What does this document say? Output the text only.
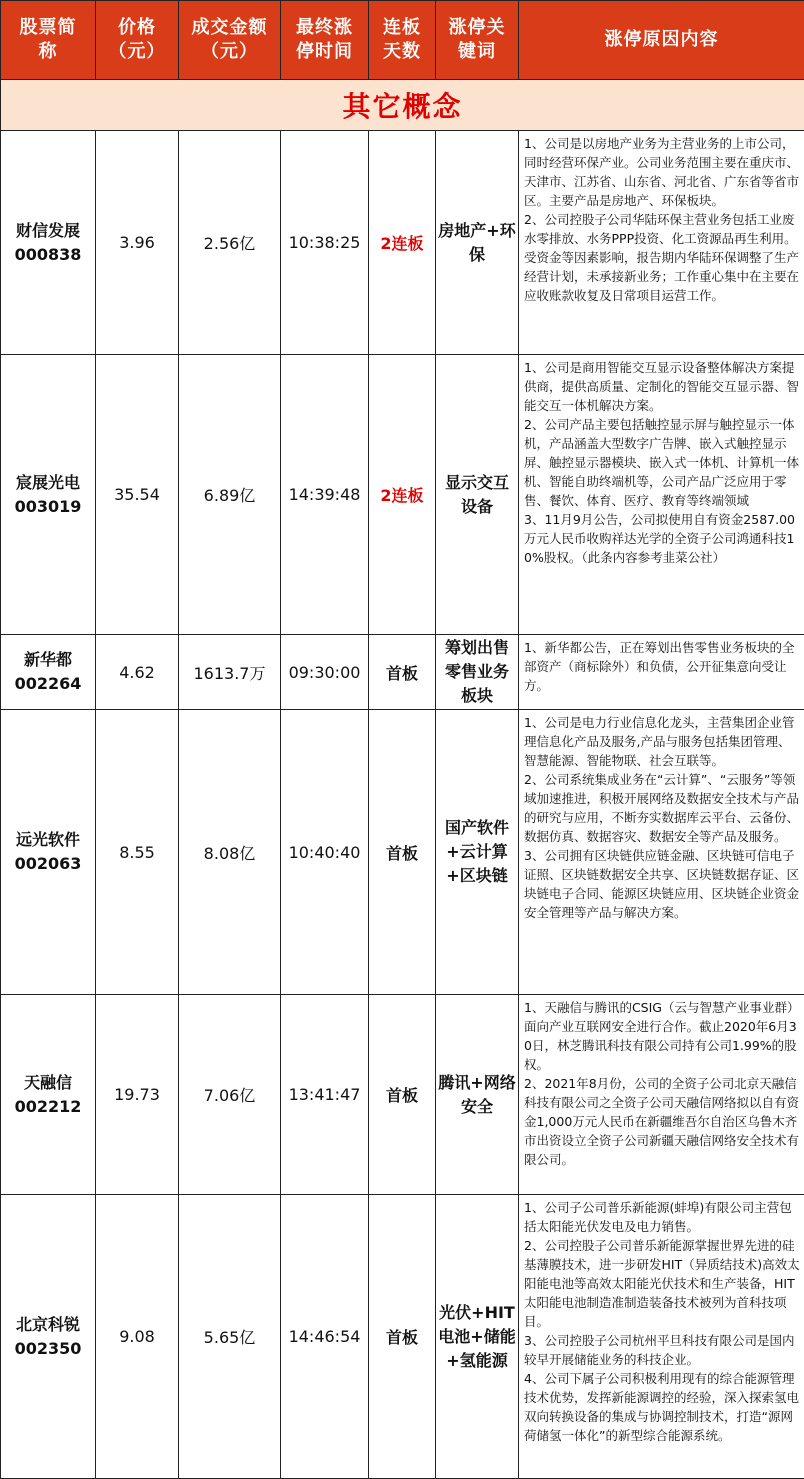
股票简称	价格（元）	成交金额（元）	最终涨停时间	连板天数	涨停关键词	涨停原因内容

其它概念						

财信发展
000838	3.96	2.56亿	10:38:25	2连板	房地产+环保	1、公司是以房地产业务为主营业务的上市公司，同时经营环保产业。公司业务范围主要在重庆市、天津市、江苏省、山东省、河北省、广东省等省市区。主要产品是房地产、环保板块。
2、公司控股子公司华陆环保主营业务包括工业废水零排放、水务PPP投资、化工资源品再生利用。受资金等因素影响，报告期内华陆环保调整了生产经营计划，未承接新业务；工作重心集中在主要在应收账款收复及日常项目运营工作。

宸展光电
003019	35.54	6.89亿	14:39:48	2连板	显示交互设备	1、公司是商用智能交互显示设备整体解决方案提供商，提供高质量、定制化的智能交互显示器、智能交互一体机解决方案。
2、公司产品主要包括触控显示屏与触控显示一体机，产品涵盖大型数字广告牌、嵌入式触控显示屏、触控显示器模块、嵌入式一体机、计算机一体机、智能自助终端机等，公司产品广泛应用于零售、餐饮、体育、医疗、教育等终端领域
3、11月9月公告，公司拟使用自有资金2587.00万元人民币收购祥达光学的全资子公司鸿通科技10%股权。（此条内容参考韭菜公社）

新华都
002264	4.62	1613.7万	09:30:00	首板	筹划出售零售业务板块	1、新华都公告，正在筹划出售零售业务板块的全部资产（商标除外）和负债，公开征集意向受让方。

远光软件
002063	8.55	8.08亿	10:40:40	首板	国产软件+云计算+区块链	1、公司是电力行业信息化龙头，主营集团企业管理信息化产品及服务,产品与服务包括集团管理、智慧能源、智能物联、社会互联等。
2、公司系统集成业务在“云计算”、“云服务”等领域加速推进，积极开展网络及数据安全技术与产品的研究与应用，不断夯实数据库云平台、云备份、数据仿真、数据容灾、数据安全等产品及服务。
3、公司拥有区块链供应链金融、区块链可信电子证照、区块链数据安全共享、区块链数据存证、区块链电子合同、能源区块链应用、区块链企业资金安全管理等产品与解决方案。

天融信
002212	19.73	7.06亿	13:41:47	首板	腾讯+网络安全	1、天融信与腾讯的CSIG（云与智慧产业事业群）面向产业互联网安全进行合作。截止2020年6月30日，林芝腾讯科技有限公司持有公司1.99%的股权。
2、2021年8月份，公司的全资子公司北京天融信科技有限公司之全资子公司天融信网络拟以自有资金1,000万元人民币在新疆维吾尔自治区乌鲁木齐市出资设立全资子公司新疆天融信网络安全技术有限公司。

北京科锐
002350	9.08	5.65亿	14:46:54	首板	光伏+HIT电池+储能+氢能源	1、公司子公司普乐新能源(蚌埠)有限公司主营包括太阳能光伏发电及电力销售。
2、公司控股子公司普乐新能源掌握世界先进的硅基薄膜技术，进一步研发HIT（异质结技术)高效太阳能电池等高效太阳能光伏技术和生产装备，HIT太阳能电池制造准制造装备技术被列为首科技项目。
3、公司控股子公司杭州平旦科技有限公司是国内较早开展储能业务的科技企业。
4、公司下属子公司积极利用现有的综合能源管理技术优势，发挥新能源调控的经验，深入探索氢电双向转换设备的集成与协调控制技术，打造“源网荷储氢一体化”的新型综合能源系统。
